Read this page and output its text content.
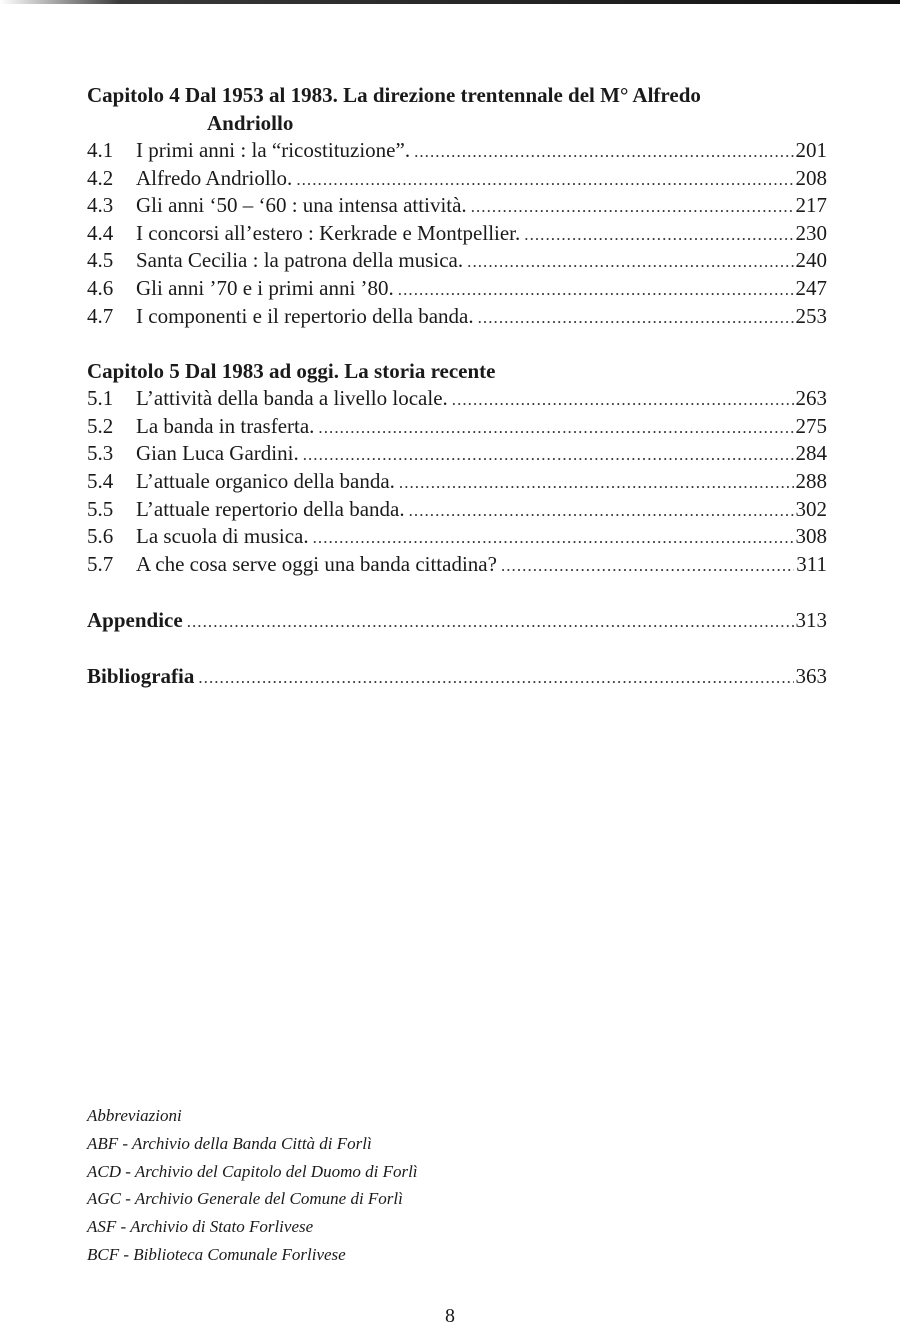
Capitolo 4 Dal 1953 al 1983. La direzione trentennale del M° Alfredo
Andriollo
4.1	I primi anni : la “ricostituzione”. . . .	201
4.2	Alfredo Andriollo. . . .	208
4.3	Gli anni ‘50 – ‘60 : una intensa attività. . . .	217
4.4	I concorsi all’estero : Kerkrade e Montpellier. . . .	230
4.5	Santa Cecilia : la patrona della musica. . . .	240
4.6	Gli anni ’70 e i primi anni ’80. . . .	247
4.7	I componenti e il repertorio della banda. . . .	253
Capitolo 5 Dal 1983 ad oggi. La storia recente
5.1	L’attività della banda a livello locale. . . .	263
5.2	La banda in trasferta. . . .	275
5.3	Gian Luca Gardini. . . .	284
5.4	L’attuale organico della banda. . . .	288
5.5	L’attuale repertorio della banda. . . .	302
5.6	La scuola di musica. . . .	308
5.7	A che cosa serve oggi una banda cittadina? . . .	311
Appendice . . .	313
Bibliografia . . .	363
Abbreviazioni
ABF - Archivio della Banda Città di Forlì
ACD - Archivio del Capitolo del Duomo di Forlì
AGC - Archivio Generale del Comune di Forlì
ASF - Archivio di Stato Forlivese
BCF - Biblioteca Comunale Forlivese
8
